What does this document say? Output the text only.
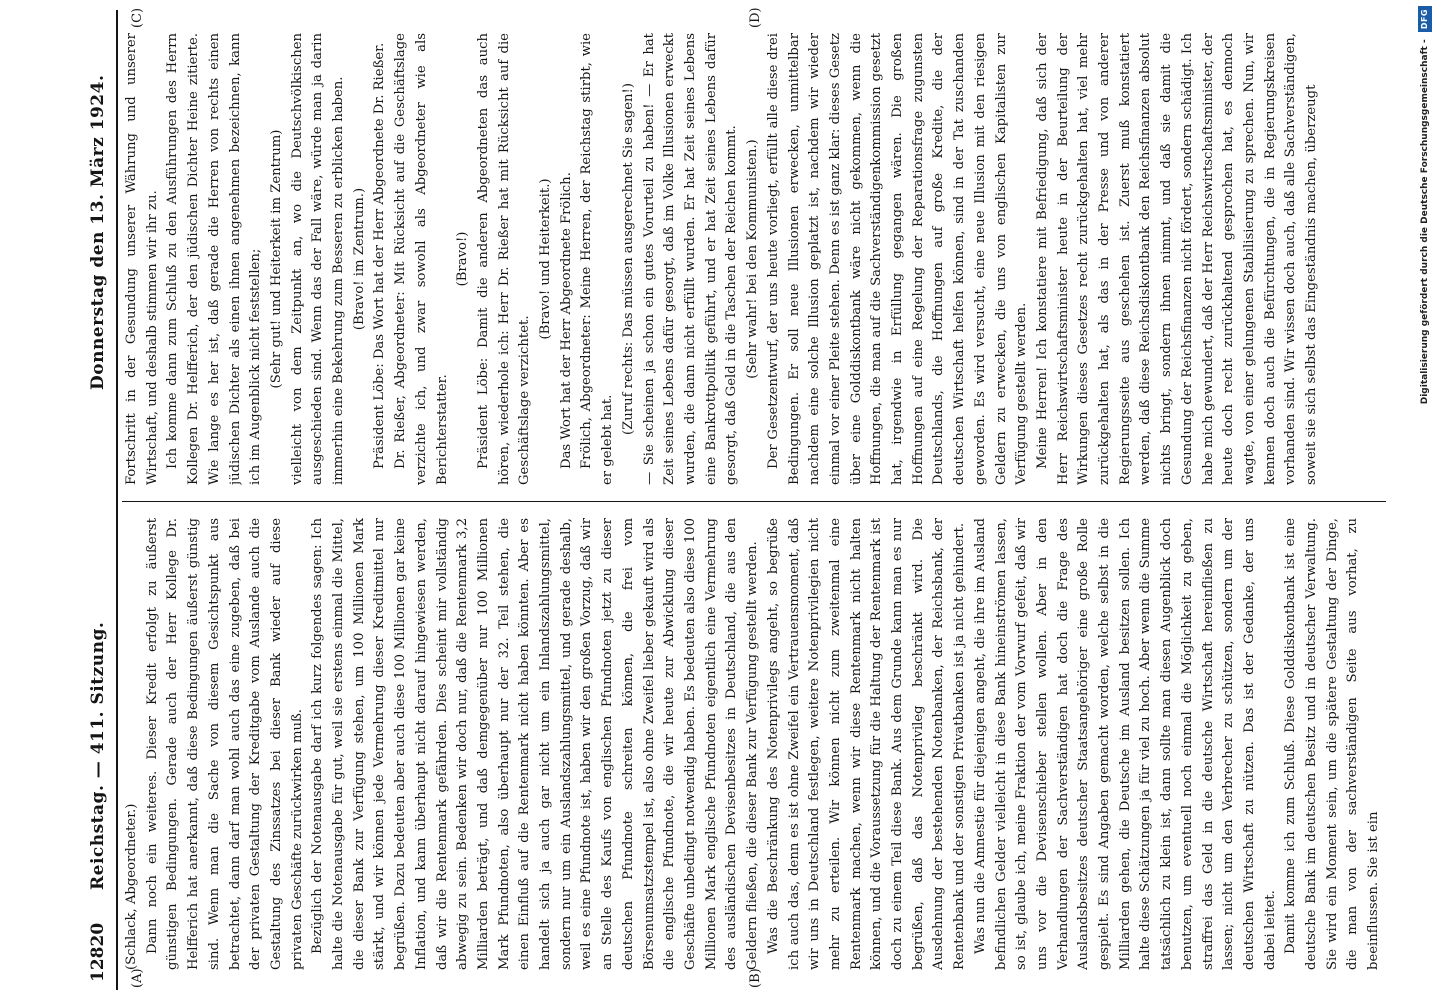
12820
Reichstag. — 411. Sitzung.
Donnerstag den 13. März 1924.
(A)	(B)
(C)	(D)

(Schlack, Abgeordneter.) Dann noch ein weiteres. Dieser Kredit erfolgt zu äußerst günstigen Bedingungen. Gerade auch der Herr Kollege Dr. Helfferich hat anerkannt, daß diese Bedingungen äußerst günstig sind. Wenn man die Sache von diesem Gesichtspunkt aus betrachtet, dann darf man wohl auch das eine zugeben, daß bei der privaten Gestaltung der Kreditgabe vom Auslande auch die Gestaltung des Zinssatzes bei dieser Bank wieder auf diese privaten Geschäfte zurückwirken muß. Bezüglich der Notenausgabe darf ich kurz folgendes sagen: Ich halte die Notenausgabe für gut, weil sie erstens einmal die Mittel, die dieser Bank zur Verfügung stehen, um 100 Millionen Mark stärkt, und wir können jede Vermehrung dieser Kreditmittel nur begrüßen. Dazu bedeuten aber auch diese 100 Millionen gar keine Inflation, und kann überhaupt nicht darauf hingewiesen werden, daß wir die Rentenmark gefährden. Dies scheint mir vollständig abwegig zu sein. Bedenken wir doch nur, daß die Rentenmark 3,2 Milliarden beträgt, und daß demgegenüber nur 100 Millionen Mark Pfundnoten, also überhaupt nur der 32. Teil stehen, die einen Einfluß auf die Rentenmark nicht haben könnten. Aber es handelt sich ja auch gar nicht um ein Inlandszahlungsmittel, sondern nur um ein Auslandszahlungsmittel, und gerade deshalb, weil es eine Pfundnote ist, haben wir den großen Vorzug, daß wir an Stelle des Kaufs von englischen Pfundnoten jetzt zu dieser deutschen Pfundnote schreiten können, die frei vom Börsenumsatzstempel ist, also ohne Zweifel lieber gekauft wird als die englische Pfundnote, die wir heute zur Abwicklung dieser Geschäfte unbedingt notwendig haben. Es bedeuten also diese 100 Millionen Mark englische Pfundnoten eigentlich eine Vermehrung des ausländischen Devisenbesitzes in Deutschland, die aus den Geldern fließen, die dieser Bank zur Verfügung gestellt werden. Was die Beschränkung des Notenprivilegs angeht, so begrüße ich auch das, denn es ist ohne Zweifel ein Vertrauensmoment, daß wir uns in Deutschland festlegen, weitere Notenprivilegien nicht mehr zu erteilen. Wir können nicht zum zweitenmal eine Rentenmark machen, wenn wir diese Rentenmark nicht halten können, und die Voraussetzung für die Haltung der Rentenmark ist doch zu einem Teil diese Bank. Aus dem Grunde kann man es nur begrüßen, daß das Notenprivileg beschränkt wird. Die Ausdehnung der bestehenden Notenbanken, der Reichsbank, der Rentenbank und der sonstigen Privatbanken ist ja nicht gehindert. Was nun die Amnestie für diejenigen angeht, die ihre im Ausland befindlichen Gelder vielleicht in diese Bank hineinströmen lassen, so ist, glaube ich, meine Fraktion der vom Vorwurf gefeit, daß wir uns vor die Devisenschieber stellen wollen. Aber in den Verhandlungen der Sachverständigen hat doch die Frage des Auslandsbesitzes deutscher Staatsangehöriger eine große Rolle gespielt. Es sind Angaben gemacht worden, welche selbst in die Milliarden gehen, die Deutsche im Ausland besitzen sollen. Ich halte diese Schätzungen ja für viel zu hoch. Aber wenn die Summe tatsächlich zu klein ist, dann sollte man diesen Augenblick doch benutzen, um eventuell noch einmal die Möglichkeit zu geben, straffrei das Geld in die deutsche Wirtschaft hereinfließen zu lassen; nicht um den Verbrecher zu schützen, sondern um der deutschen Wirtschaft zu nützen. Das ist der Gedanke, der uns dabei leitet. Damit komme ich zum Schluß. Diese Golddiskontbank ist eine deutsche Bank im deutschen Besitz und in deutscher Verwaltung. Sie wird ein Moment sein, um die spätere Gestaltung der Dinge, die man von der sachverständigen Seite aus vorhat, zu beeinflussen. Sie ist ein

Fortschritt in der Gesundung unserer Währung und unserer Wirtschaft, und deshalb stimmen wir ihr zu. Ich komme dann zum Schluß zu den Ausführungen des Herrn Kollegen Dr. Helfferich, der den jüdischen Dichter Heine zitierte. Wie lange es her ist, daß gerade die Herren von rechts einen jüdischen Dichter als einen ihnen angenehmen bezeichnen, kann ich im Augenblick nicht feststellen; (Sehr gut! und Heiterkeit im Zentrum) vielleicht von dem Zeitpunkt an, wo die Deutschvölkischen ausgeschieden sind. Wenn das der Fall wäre, würde man ja darin immerhin eine Bekehrung zum Besseren zu erblicken haben. (Bravo! im Zentrum.) Präsident Löbe: Das Wort hat der Herr Abgeordnete Dr. Rießer. Dr. Rießer, Abgeordneter: Mit Rücksicht auf die Geschäftslage verzichte ich, und zwar sowohl als Abgeordneter wie als Berichterstatter.

(Bravo!) Präsident Löbe: Damit die anderen Abgeordneten das auch hören, wiederhole ich: Herr Dr. Rießer hat mit Rücksicht auf die Geschäftslage verzichtet.

(Bravo! und Heiterkeit.) Das Wort hat der Herr Abgeordnete Frölich. Frölich, Abgeordneter: Meine Herren, der Reichstag stirbt, wie er gelebt hat.

(Zuruf rechts: Das müssen ausgerechnet Sie sagen!) — Sie scheinen ja schon ein gutes Vorurteil zu haben! — Er hat Zeit seines Lebens dafür gesorgt, daß im Volke Illusionen erweckt wurden, die dann nicht erfüllt wurden. Er hat Zeit seines Lebens eine Bankrottpolitik geführt, und er hat Zeit seines Lebens dafür gesorgt, daß Geld in die Taschen der Reichen kommt. (Sehr wahr! bei den Kommunisten.) Der Gesetzentwurf, der uns heute vorliegt, erfüllt alle diese drei Bedingungen. Er soll neue Illusionen erwecken, unmittelbar nachdem eine solche Illusion geplatzt ist, nachdem wir wieder einmal vor einer Pleite stehen. Denn es ist ganz klar: dieses Gesetz über eine Golddiskontbank wäre nicht gekommen, wenn die Hoffnungen, die man auf die Sachverständigenkommission gesetzt hat, irgendwie in Erfüllung gegangen wären. Die großen Hoffnungen auf eine Regelung der Reparationsfrage zugunsten Deutschlands, die Hoffnungen auf große Kredite, die der deutschen Wirtschaft helfen können, sind in der Tat zuschanden geworden. Es wird versucht, eine neue Illusion mit den riesigen Geldern zu erwecken, die uns von englischen Kapitalisten zur Verfügung gestellt werden. Meine Herren! Ich konstatiere mit Befriedigung, daß sich der Herr Reichswirtschaftsminister heute in der Beurteilung der Wirkungen dieses Gesetzes recht zurückgehalten hat, viel mehr zurückgehalten hat, als das in der Presse und von anderer Regierungsseite aus geschehen ist. Zuerst muß konstatiert werden, daß diese Reichsdiskontbank den Reichsfinanzen absolut nichts bringt, sondern ihnen nimmt, und daß sie damit die Gesundung der Reichsfinanzen nicht fördert, sondern schädigt. Ich habe mich gewundert, daß der Herr Reichswirtschaftsminister, der heute doch recht zurückhaltend gesprochen hat, es dennoch wagte, von einer gelungenen Stabilisierung zu sprechen. Nun, wir kennen doch auch die Befürchtungen, die in Regierungskreisen vorhanden sind. Wir wissen doch auch, daß alle Sachverständigen, soweit sie sich selbst das Eingeständnis machen, überzeugt	Digitalisierung gefördert durch die Deutsche Forschungsgemeinschaft - DFG
